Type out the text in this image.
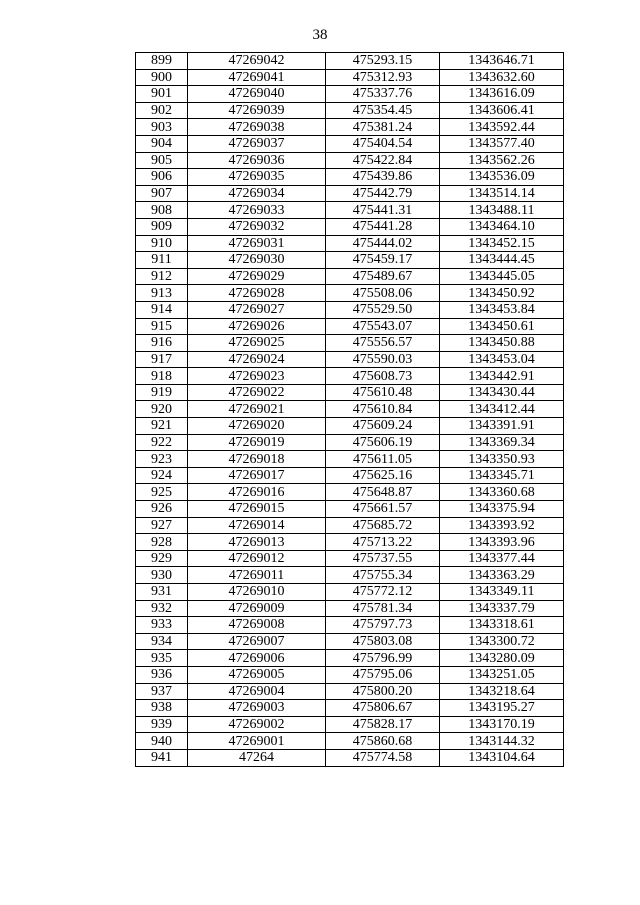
38
899	47269042	475293.15	1343646.71
900	47269041	475312.93	1343632.60
901	47269040	475337.76	1343616.09
902	47269039	475354.45	1343606.41
903	47269038	475381.24	1343592.44
904	47269037	475404.54	1343577.40
905	47269036	475422.84	1343562.26
906	47269035	475439.86	1343536.09
907	47269034	475442.79	1343514.14
908	47269033	475441.31	1343488.11
909	47269032	475441.28	1343464.10
910	47269031	475444.02	1343452.15
911	47269030	475459.17	1343444.45
912	47269029	475489.67	1343445.05
913	47269028	475508.06	1343450.92
914	47269027	475529.50	1343453.84
915	47269026	475543.07	1343450.61
916	47269025	475556.57	1343450.88
917	47269024	475590.03	1343453.04
918	47269023	475608.73	1343442.91
919	47269022	475610.48	1343430.44
920	47269021	475610.84	1343412.44
921	47269020	475609.24	1343391.91
922	47269019	475606.19	1343369.34
923	47269018	475611.05	1343350.93
924	47269017	475625.16	1343345.71
925	47269016	475648.87	1343360.68
926	47269015	475661.57	1343375.94
927	47269014	475685.72	1343393.92
928	47269013	475713.22	1343393.96
929	47269012	475737.55	1343377.44
930	47269011	475755.34	1343363.29
931	47269010	475772.12	1343349.11
932	47269009	475781.34	1343337.79
933	47269008	475797.73	1343318.61
934	47269007	475803.08	1343300.72
935	47269006	475796.99	1343280.09
936	47269005	475795.06	1343251.05
937	47269004	475800.20	1343218.64
938	47269003	475806.67	1343195.27
939	47269002	475828.17	1343170.19
940	47269001	475860.68	1343144.32
941	47264	475774.58	1343104.64
